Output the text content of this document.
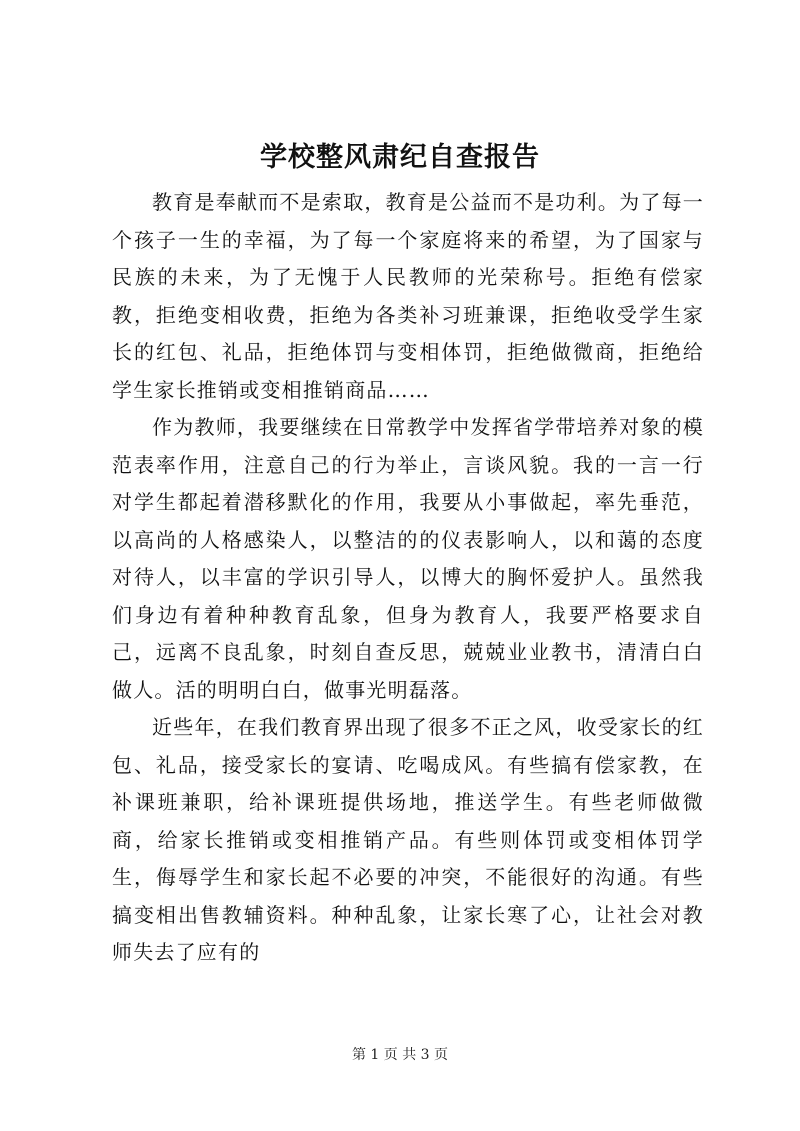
学校整风肃纪自查报告

教育是奉献而不是索取，教育是公益而不是功利。为了每一个孩子一生的幸福，为了每一个家庭将来的希望，为了国家与民族的未来，为了无愧于人民教师的光荣称号。拒绝有偿家教，拒绝变相收费，拒绝为各类补习班兼课，拒绝收受学生家长的红包、礼品，拒绝体罚与变相体罚，拒绝做微商，拒绝给学生家长推销或变相推销商品……

作为教师，我要继续在日常教学中发挥省学带培养对象的模范表率作用，注意自己的行为举止，言谈风貌。我的一言一行对学生都起着潜移默化的作用，我要从小事做起，率先垂范，以高尚的人格感染人，以整洁的的仪表影响人，以和蔼的态度对待人，以丰富的学识引导人，以博大的胸怀爱护人。虽然我们身边有着种种教育乱象，但身为教育人，我要严格要求自己，远离不良乱象，时刻自查反思，兢兢业业教书，清清白白做人。活的明明白白，做事光明磊落。

近些年，在我们教育界出现了很多不正之风，收受家长的红包、礼品，接受家长的宴请、吃喝成风。有些搞有偿家教，在补课班兼职，给补课班提供场地，推送学生。有些老师做微商，给家长推销或变相推销产品。有些则体罚或变相体罚学生，侮辱学生和家长起不必要的冲突，不能很好的沟通。有些搞变相出售教辅资料。种种乱象，让家长寒了心，让社会对教师失去了应有的

第 1 页 共 3 页
